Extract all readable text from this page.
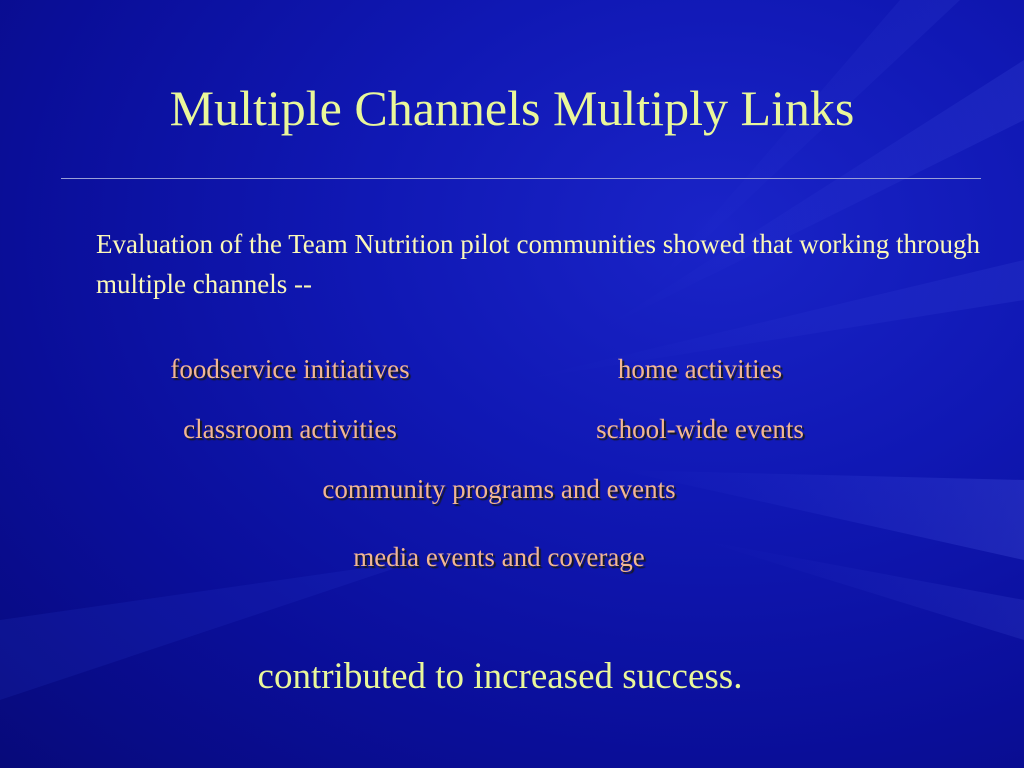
Multiple Channels Multiply Links
Evaluation of the Team Nutrition pilot communities showed that working through multiple channels --
foodservice initiatives	home activities
classroom activities	school-wide events
community programs and events
media events and coverage
contributed to increased success.
